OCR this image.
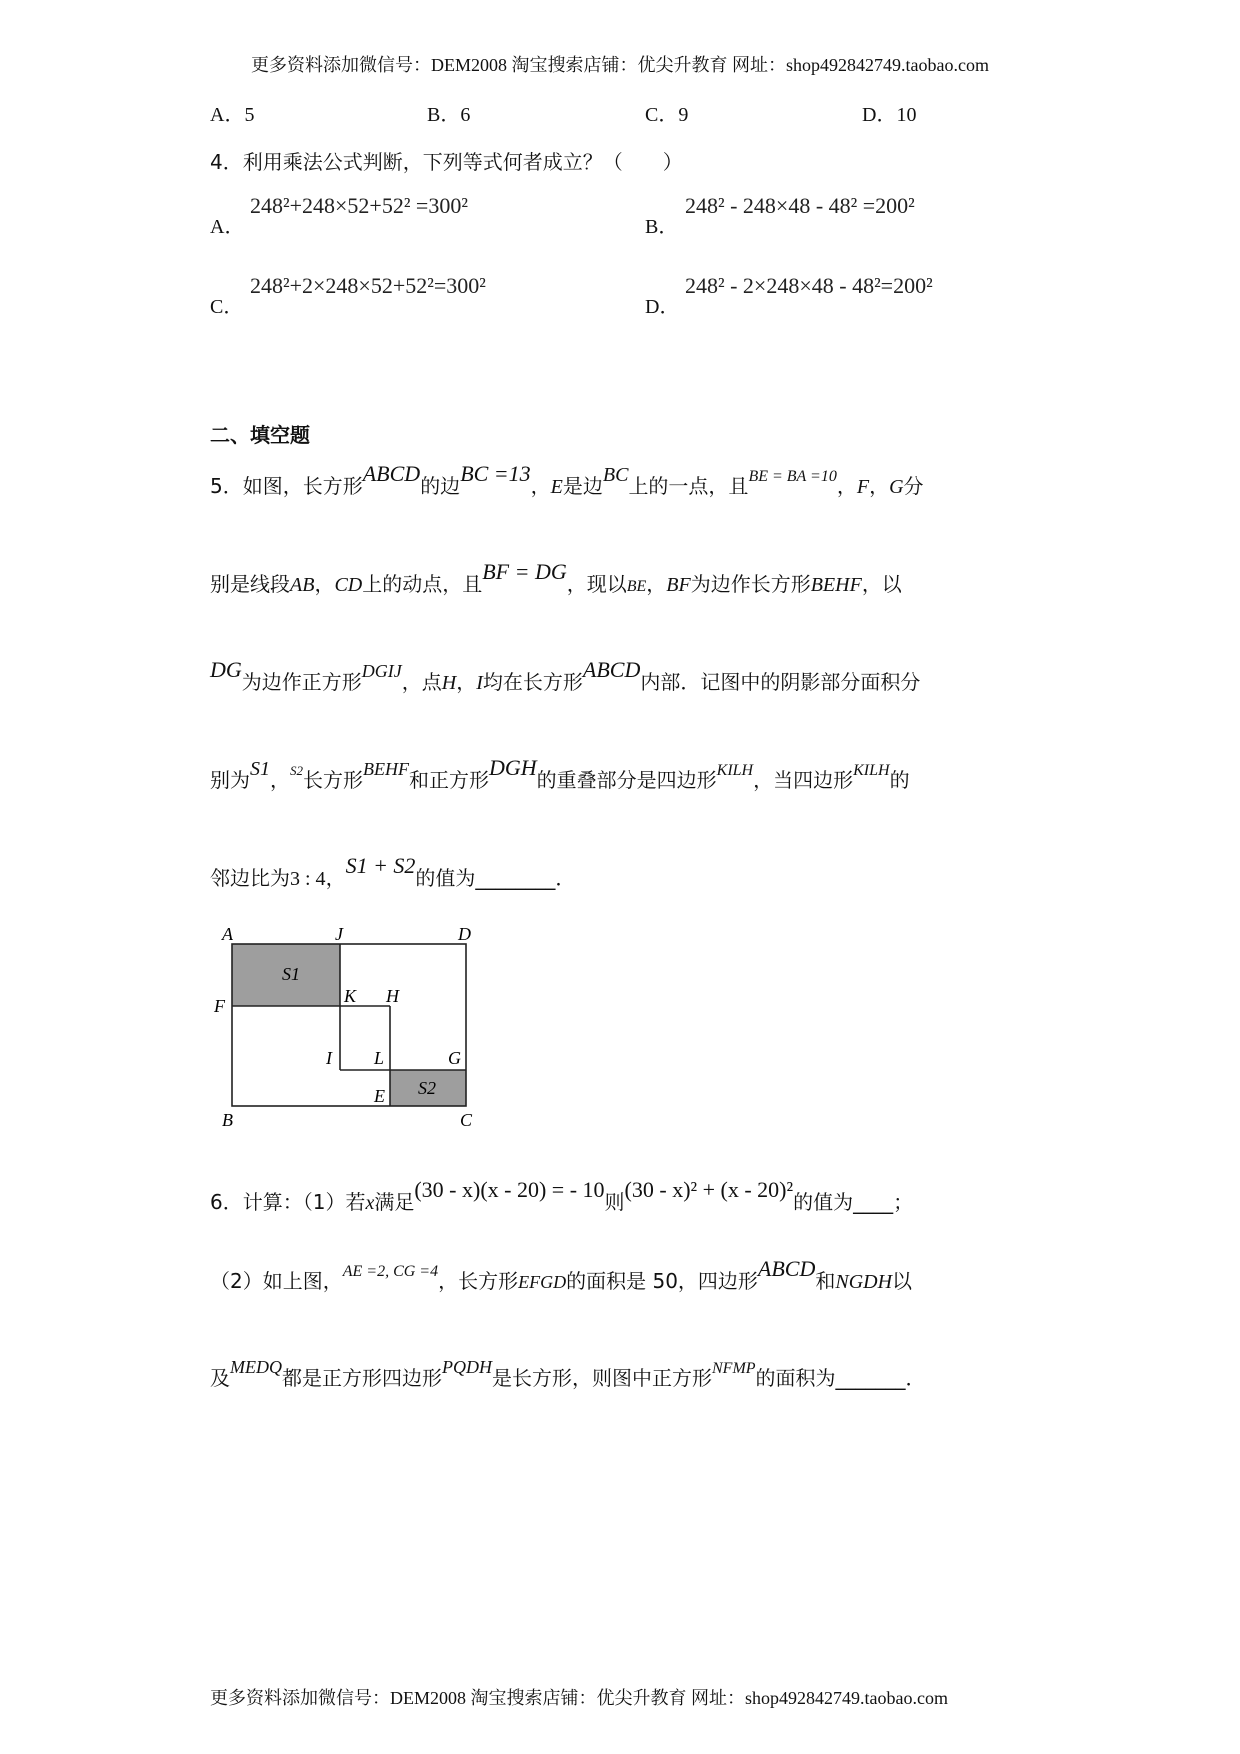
更多资料添加微信号：DEM2008 淘宝搜索店铺：优尖升教育 网址：shop492842749.taobao.com
A．5	B．6	C．9	D．10
4．利用乘法公式判断，下列等式何者成立？（　　）
A．
248²+248×52+52² =300²
B．
248² - 248×48 - 48² =200²
C．
248²+2×248×52+52²=300²
D．
248² - 2×248×48 - 48²=200²
二、填空题
5．如图，长方形ABCD的边BC =13，E是边BC上的一点，且$^{BE = BA =10}$，F，G分
别是线段AB，CD上的动点，且BF = DG，现以BE，BF为边作长方形BEHF，以
DG为边作正方形DGIJ，点H，I均在长方形ABCD内部．记图中的阴影部分面积分
别为S1，$^{S2}$长方形BEHF和正方形DGH的重叠部分是四边形$^{KILH}$，当四边形$^{KILH}$的
邻边比为3 : 4，S1 + S2的值为________．
A	J	D
F	K H
I L	G
E
B	C
S1
S2
6．计算：（1）若x满足(30 - x)(x - 20) = - 10则(30 - x)² + (x - 20)²的值为____；
（2）如上图，$^{AE =2, CG =4}$，长方形EFGD的面积是 50，四边形ABCD和NGDH以
及MEDQ都是正方形四边形PQDH是长方形，则图中正方形$^{NFMP}$的面积为_______．
更多资料添加微信号：DEM2008 淘宝搜索店铺：优尖升教育 网址：shop492842749.taobao.com
